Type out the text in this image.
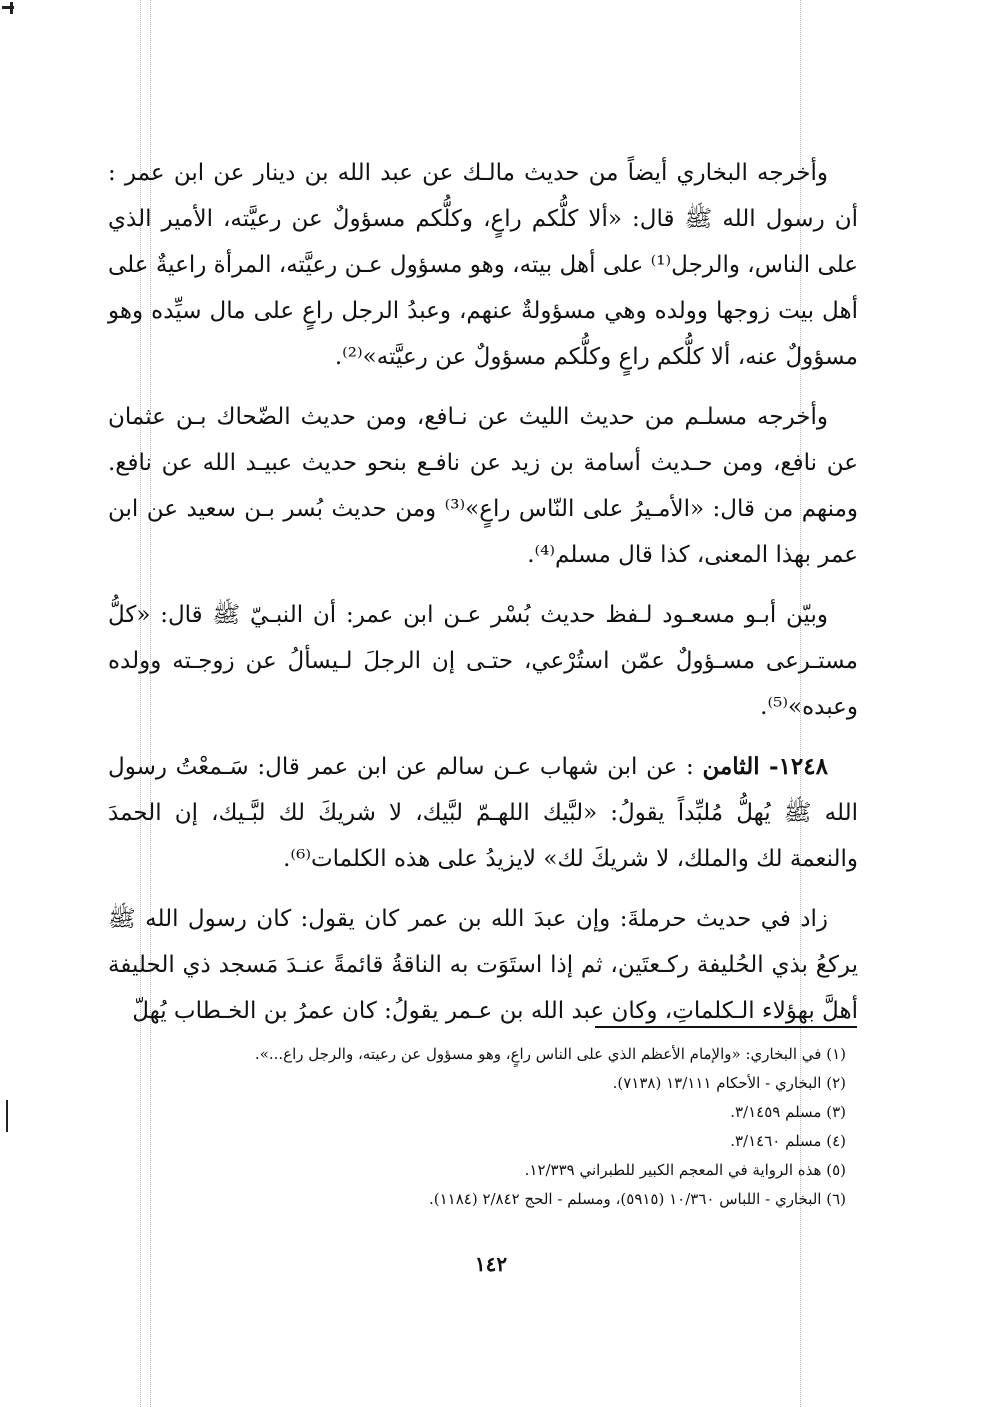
وأخرجه البخاري أيضاً من حديث مالـك عن عبد الله بن دينار عن ابن عمر : أن رسول الله ﷺ قال: «ألا كلُّكم راعٍ، وكلُّكم مسؤولٌ عن رعيَّته، الأمير الذي على الناس، والرجل⁽¹⁾ على أهل بيته، وهو مسؤول عـن رعيَّته، المرأة راعيةٌ على أهل بيت زوجها وولده وهي مسؤولةٌ عنهم، وعبدُ الرجل راعٍ على مال سيِّده وهو مسؤولٌ عنه، ألا كلُّكم راعٍ وكلُّكم مسؤولٌ عن رعيَّته»⁽²⁾.

وأخرجه مسلـم من حديث الليث عن نـافع، ومن حديث الضّحاك بـن عثمان عن نافع، ومن حـديث أسامة بن زيد عن نافـع بنحو حديث عبيـد الله عن نافع. ومنهم من قال: «الأمـيرُ على النّاس راعٍ»⁽³⁾ ومن حديث بُسر بـن سعيد عن ابن عمر بهذا المعنى، كذا قال مسلم⁽⁴⁾.

وبيّن أبـو مسعـود لـفظ حديث بُسْر عـن ابن عمر: أن النبـيّ ﷺ قال: «كلُّ مستـرعى مسـؤولٌ عمّن استُرْعي، حتـى إن الرجلَ لـيسألُ عن زوجـته وولده وعبده»⁽⁵⁾.

١٢٤٨- الثامن : عن ابن شهاب عـن سالم عن ابن عمر قال: سَـمعْتُ رسول الله ﷺ يُهلُّ مُلبِّداً يقولُ: «لبَّيك اللهـمّ لبَّيك، لا شريكَ لك لبَّـيك، إن الحمدَ والنعمة لك والملك، لا شريكَ لك» لايزيدُ على هذه الكلمات⁽⁶⁾.

زاد في حديث حرملةَ: وإن عبدَ الله بن عمر كان يقول: كان رسول الله ﷺ يركعُ بذي الحُليفة ركـعتَين، ثم إذا استَوَت به الناقةُ قائمةً عنـدَ مَسجد ذي الحليفة أهلَّ بهؤلاء الـكلماتِ، وكان عبد الله بن عـمر يقولُ: كان عمرُ بن الخـطاب يُهلّ

(١) في البخاري: «والإمام الأعظم الذي على الناس راعٍ، وهو مسؤول عن رعيته، والرجل راع...».

(٢) البخاري - الأحكام ١٣/١١١ (٧١٣٨).

(٣) مسلم ٣/١٤٥٩.

(٤) مسلم ٣/١٤٦٠.

(٥) هذه الرواية في المعجم الكبير للطبراني ١٢/٣٣٩.

(٦) البخاري - اللباس ١٠/٣٦٠ (٥٩١٥)، ومسلم - الحج ٢/٨٤٢ (١١٨٤).

١٤٢
